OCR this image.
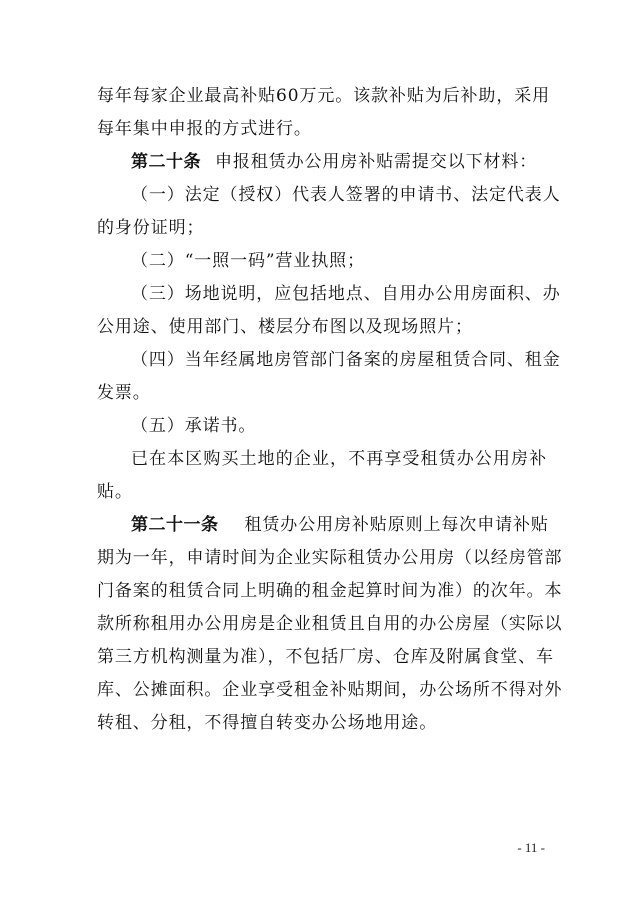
每年每家企业最高补贴60万元。该款补贴为后补助，采用
每年集中申报的方式进行。
第二十条 申报租赁办公用房补贴需提交以下材料：
（一）法定（授权）代表人签署的申请书、法定代表人
的身份证明；
（二）“一照一码”营业执照；
（三）场地说明，应包括地点、自用办公用房面积、办
公用途、使用部门、楼层分布图以及现场照片；
（四）当年经属地房管部门备案的房屋租赁合同、租金
发票。
（五）承诺书。
已在本区购买土地的企业，不再享受租赁办公用房补
贴。
第二十一条 租赁办公用房补贴原则上每次申请补贴
期为一年，申请时间为企业实际租赁办公用房（以经房管部
门备案的租赁合同上明确的租金起算时间为准）的次年。本
款所称租用办公用房是企业租赁且自用的办公房屋（实际以
第三方机构测量为准），不包括厂房、仓库及附属食堂、车
库、公摊面积。企业享受租金补贴期间，办公场所不得对外
转租、分租，不得擅自转变办公场地用途。
- 11 -
